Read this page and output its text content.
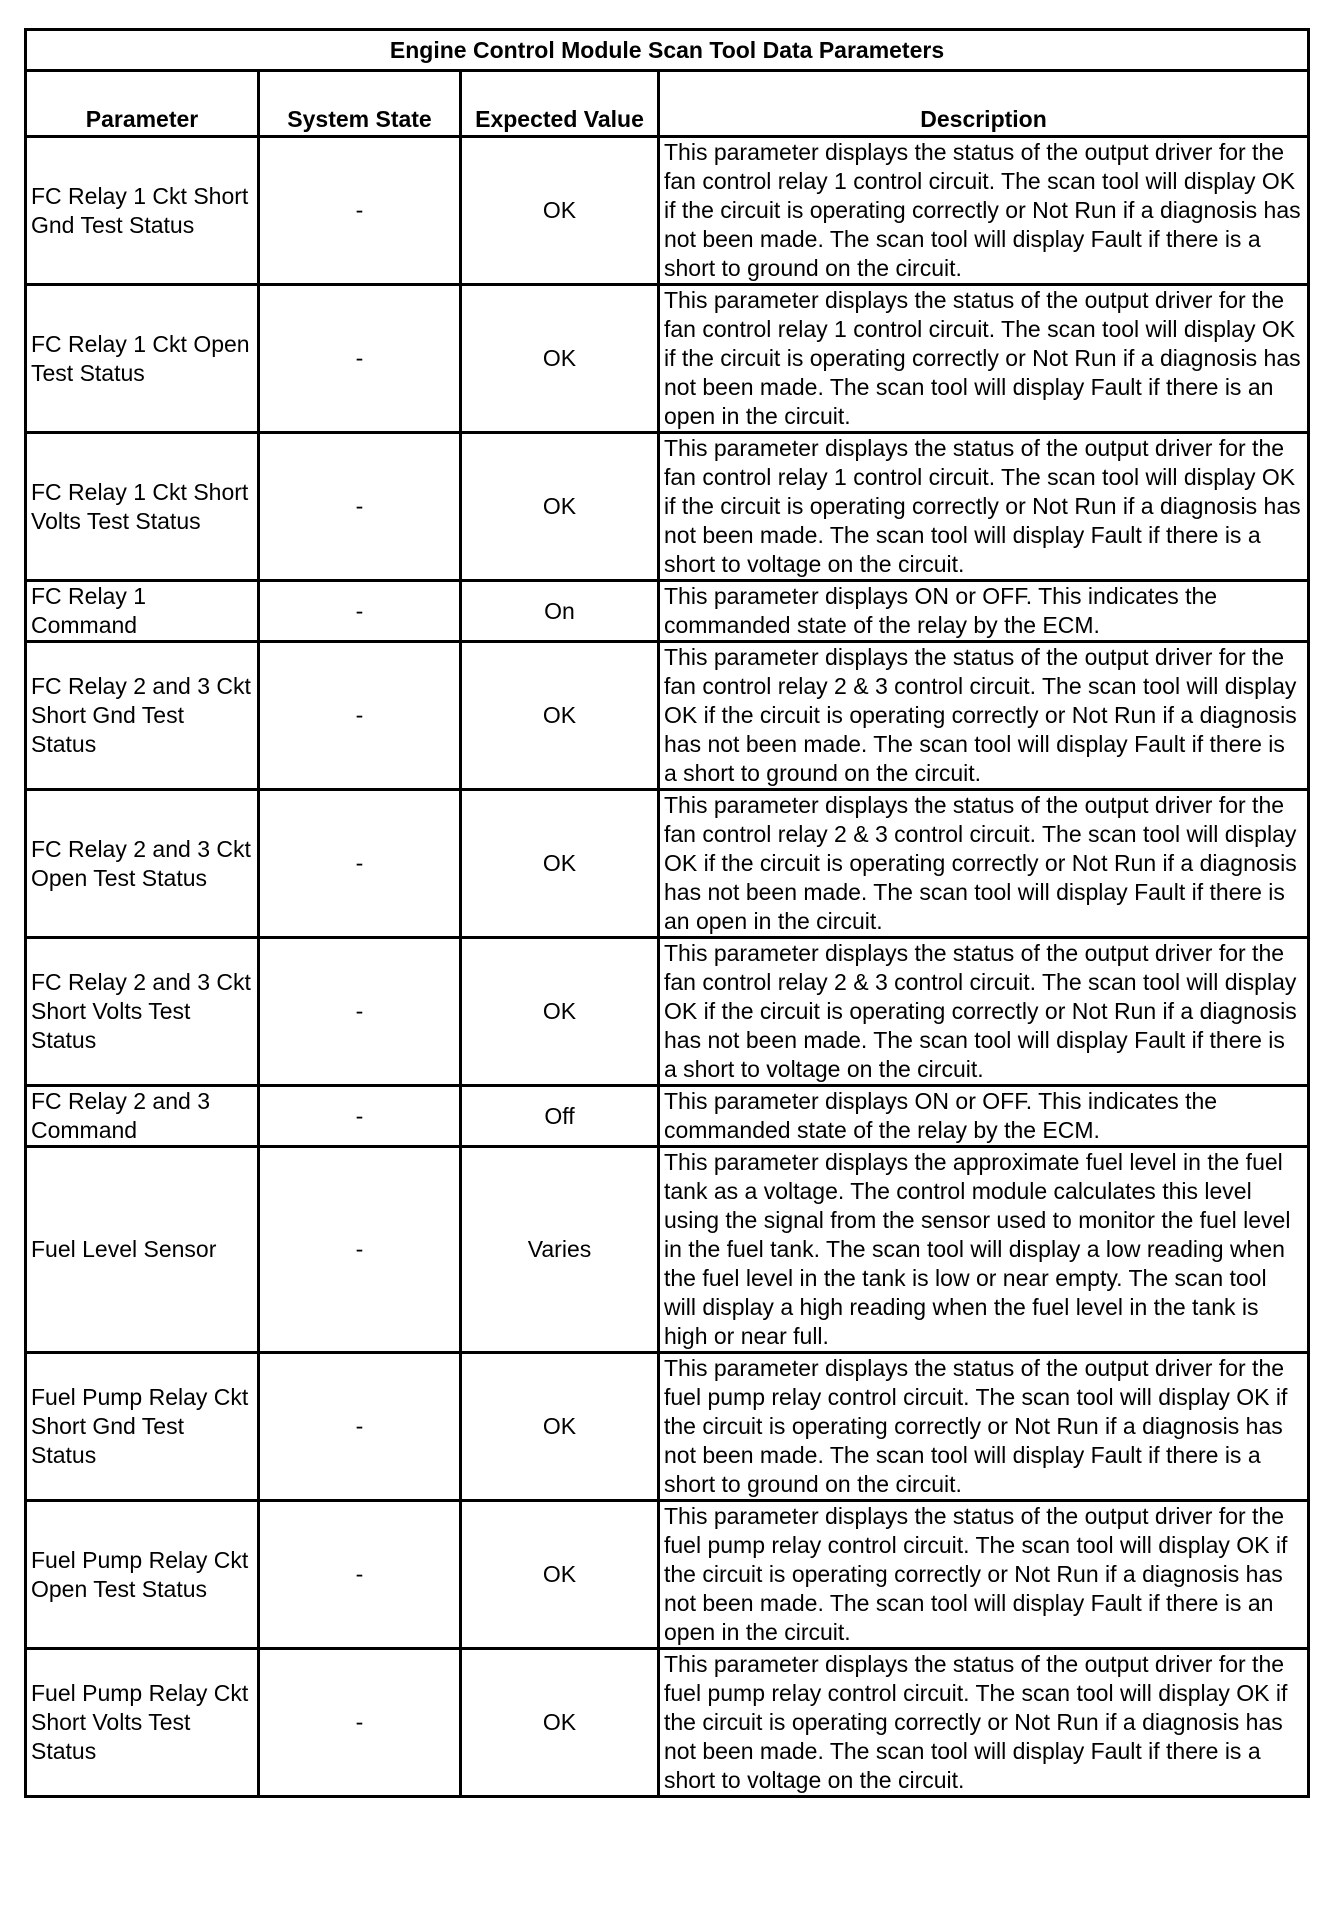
Engine Control Module Scan Tool Data Parameters			
Parameter	System State	Expected Value	Description
FC Relay 1 Ckt Short Gnd Test Status	-	OK	This parameter displays the status of the output driver for the fan control relay 1 control circuit. The scan tool will display OK if the circuit is operating correctly or Not Run if a diagnosis has not been made. The scan tool will display Fault if there is a short to ground on the circuit.
FC Relay 1 Ckt Open Test Status	-	OK	This parameter displays the status of the output driver for the fan control relay 1 control circuit. The scan tool will display OK if the circuit is operating correctly or Not Run if a diagnosis has not been made. The scan tool will display Fault if there is an open in the circuit.
FC Relay 1 Ckt Short Volts Test Status	-	OK	This parameter displays the status of the output driver for the fan control relay 1 control circuit. The scan tool will display OK if the circuit is operating correctly or Not Run if a diagnosis has not been made. The scan tool will display Fault if there is a short to voltage on the circuit.
FC Relay 1 Command	-	On	This parameter displays ON or OFF. This indicates the commanded state of the relay by the ECM.
FC Relay 2 and 3 Ckt Short Gnd Test Status	-	OK	This parameter displays the status of the output driver for the fan control relay 2 & 3 control circuit. The scan tool will display OK if the circuit is operating correctly or Not Run if a diagnosis has not been made. The scan tool will display Fault if there is a short to ground on the circuit.
FC Relay 2 and 3 Ckt Open Test Status	-	OK	This parameter displays the status of the output driver for the fan control relay 2 & 3 control circuit. The scan tool will display OK if the circuit is operating correctly or Not Run if a diagnosis has not been made. The scan tool will display Fault if there is an open in the circuit.
FC Relay 2 and 3 Ckt Short Volts Test Status	-	OK	This parameter displays the status of the output driver for the fan control relay 2 & 3 control circuit. The scan tool will display OK if the circuit is operating correctly or Not Run if a diagnosis has not been made. The scan tool will display Fault if there is a short to voltage on the circuit.
FC Relay 2 and 3 Command	-	Off	This parameter displays ON or OFF. This indicates the commanded state of the relay by the ECM.
Fuel Level Sensor	-	Varies	This parameter displays the approximate fuel level in the fuel tank as a voltage. The control module calculates this level using the signal from the sensor used to monitor the fuel level in the fuel tank. The scan tool will display a low reading when the fuel level in the tank is low or near empty. The scan tool will display a high reading when the fuel level in the tank is high or near full.
Fuel Pump Relay Ckt Short Gnd Test Status	-	OK	This parameter displays the status of the output driver for the fuel pump relay control circuit. The scan tool will display OK if the circuit is operating correctly or Not Run if a diagnosis has not been made. The scan tool will display Fault if there is a short to ground on the circuit.
Fuel Pump Relay Ckt Open Test Status	-	OK	This parameter displays the status of the output driver for the fuel pump relay control circuit. The scan tool will display OK if the circuit is operating correctly or Not Run if a diagnosis has not been made. The scan tool will display Fault if there is an open in the circuit.
Fuel Pump Relay Ckt Short Volts Test Status	-	OK	This parameter displays the status of the output driver for the fuel pump relay control circuit. The scan tool will display OK if the circuit is operating correctly or Not Run if a diagnosis has not been made. The scan tool will display Fault if there is a short to voltage on the circuit.
